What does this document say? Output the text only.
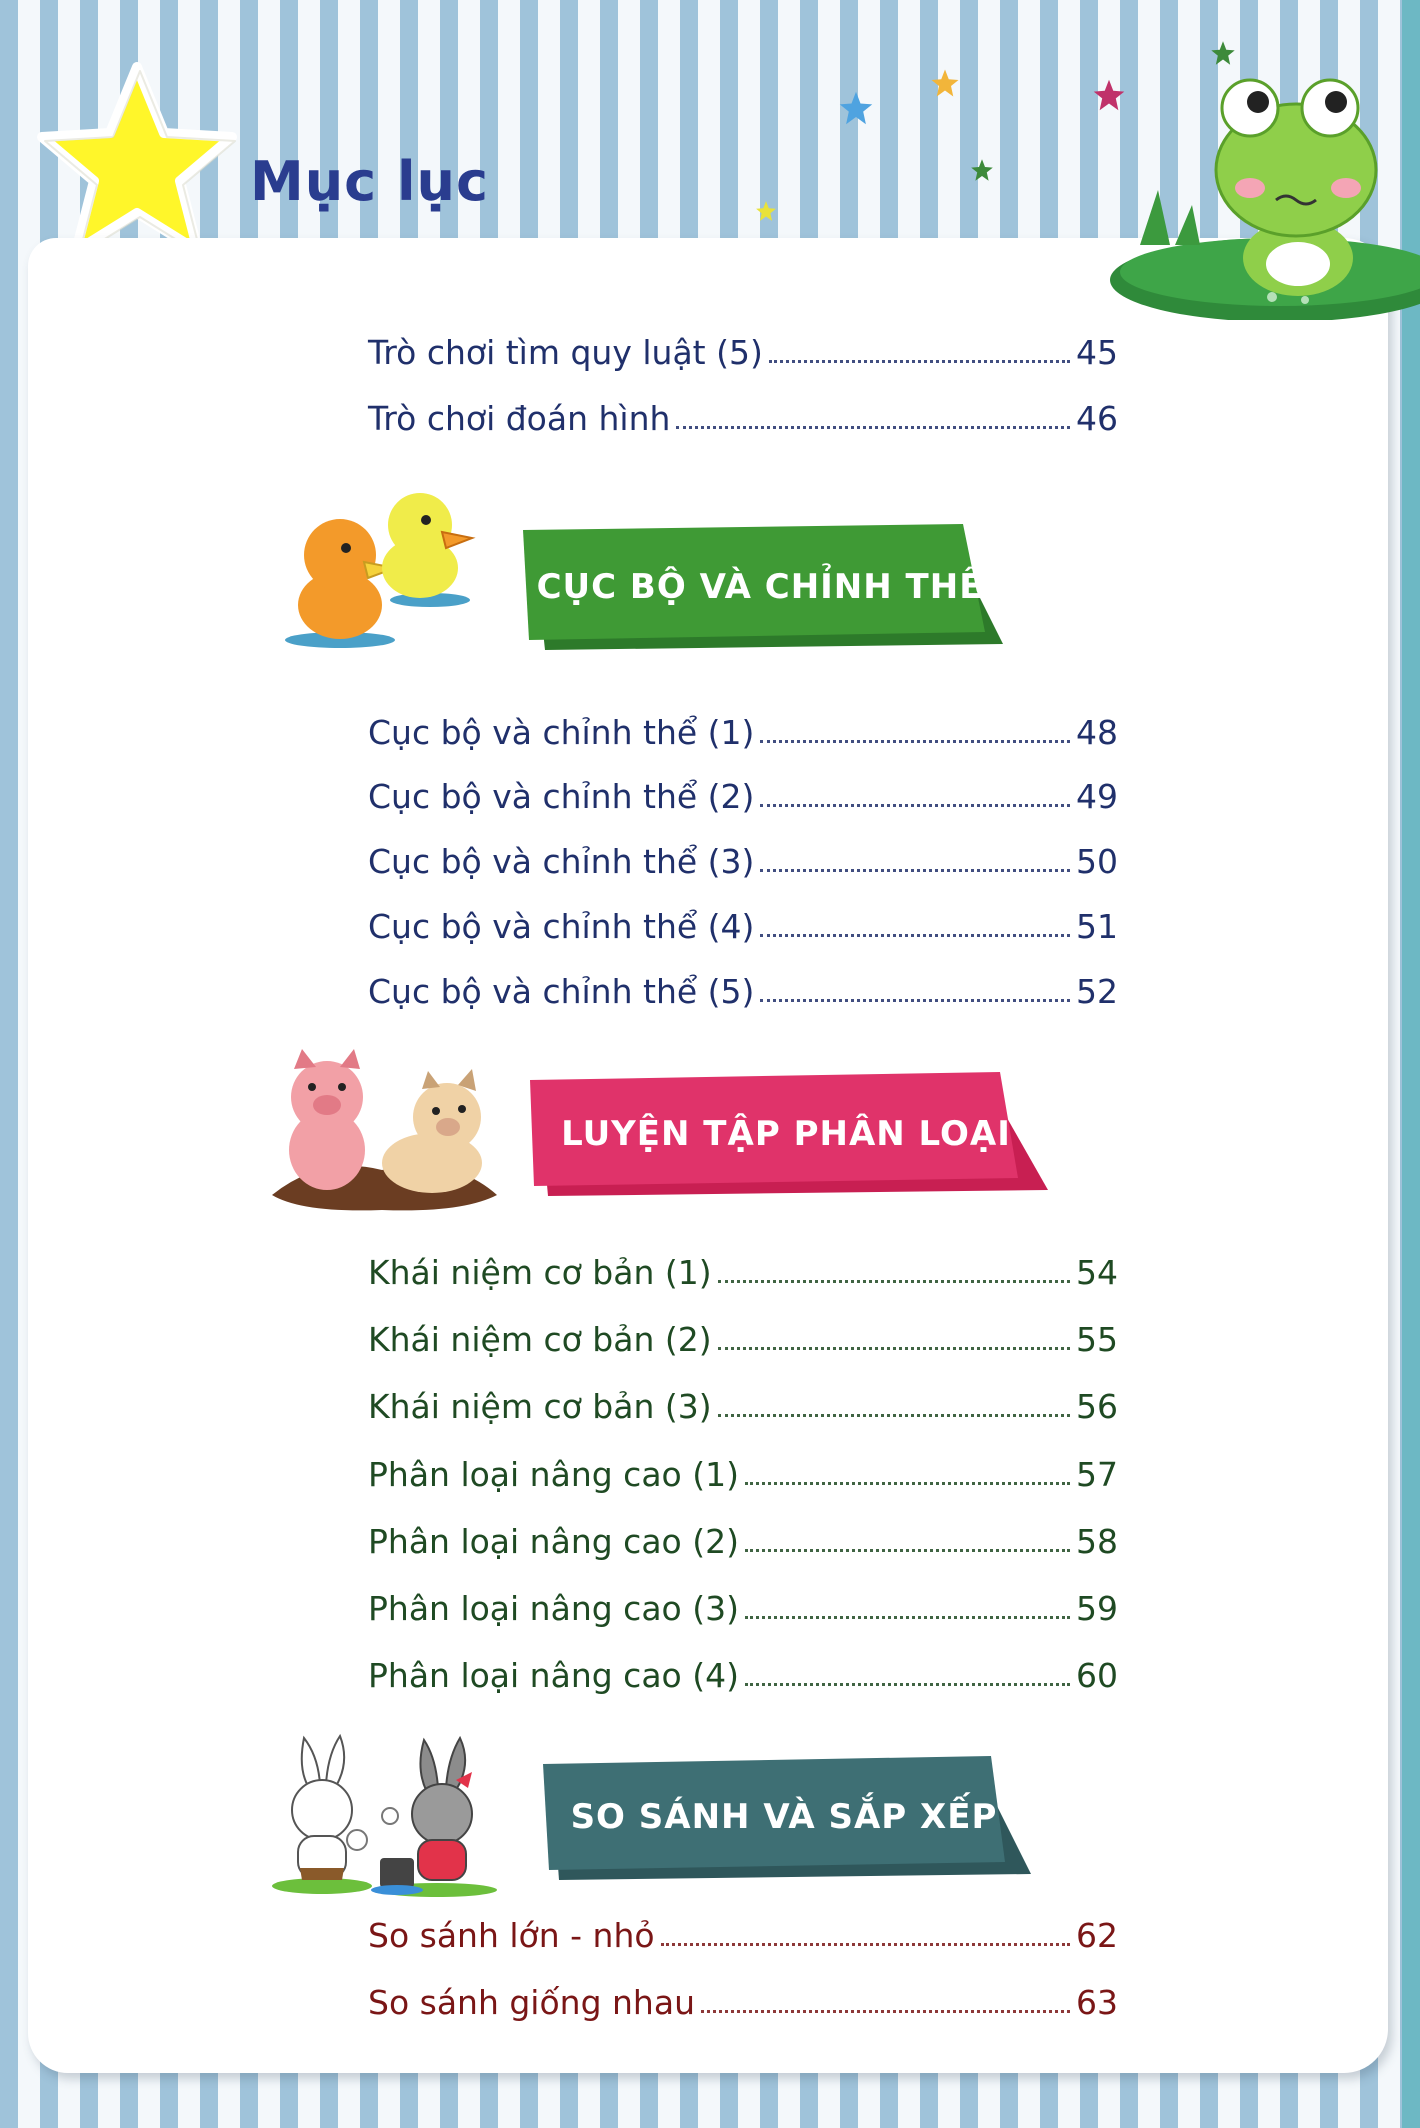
Mục lục
Trò chơi tìm quy luật (5)	45
Trò chơi đoán hình	46
CỤC BỘ VÀ CHỈNH THỂ
Cục bộ và chỉnh thể (1)	48
Cục bộ và chỉnh thể (2)	49
Cục bộ và chỉnh thể (3)	50
Cục bộ và chỉnh thể (4)	51
Cục bộ và chỉnh thể (5)	52
LUYỆN TẬP PHÂN LOẠI
Khái niệm cơ bản (1)	54
Khái niệm cơ bản (2)	55
Khái niệm cơ bản (3)	56
Phân loại nâng cao (1)	57
Phân loại nâng cao (2)	58
Phân loại nâng cao (3)	59
Phân loại nâng cao (4)	60
SO SÁNH VÀ SẮP XẾP
So sánh lớn - nhỏ	62
So sánh giống nhau	63
